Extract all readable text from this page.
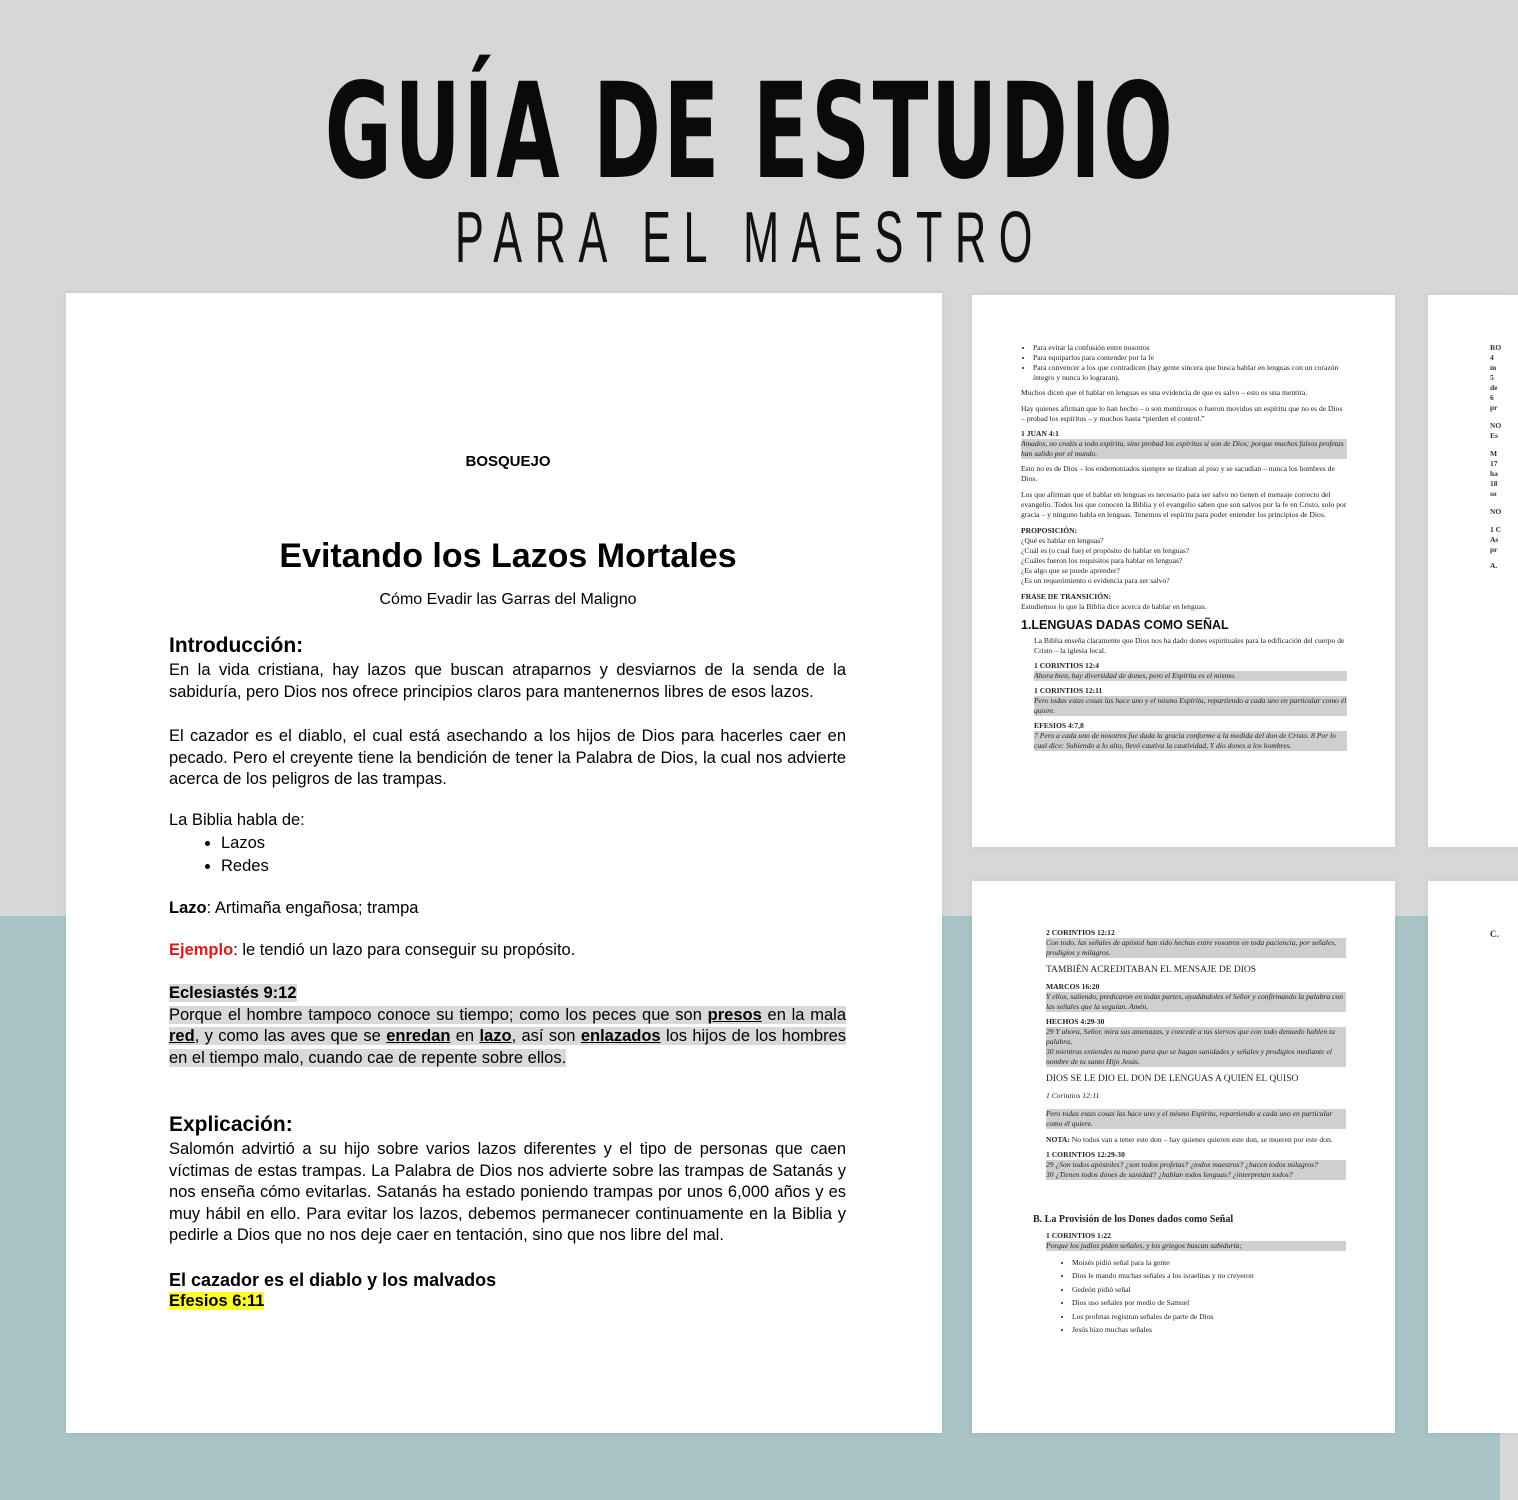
GUÍA DE ESTUDIO
PARA EL MAESTRO
BOSQUEJO
Evitando los Lazos Mortales
Cómo Evadir las Garras del Maligno
Introducción:
En la vida cristiana, hay lazos que buscan atraparnos y desviarnos de la senda de la sabiduría, pero Dios nos ofrece principios claros para mantenernos libres de esos lazos.
El cazador es el diablo, el cual está asechando a los hijos de Dios para hacerles caer en pecado. Pero el creyente tiene la bendición de tener la Palabra de Dios, la cual nos advierte acerca de los peligros de las trampas.
La Biblia habla de:
• Lazos
• Redes
Lazo: Artimaña engañosa; trampa
Ejemplo: le tendió un lazo para conseguir su propósito.

Eclesiastés 9:12

Porque el hombre tampoco conoce su tiempo; como los peces que son presos en la mala red, y como las aves que se enredan en lazo, así son enlazados los hijos de los hombres en el tiempo malo, cuando cae de repente sobre ellos.

Explicación:
Salomón advirtió a su hijo sobre varios lazos diferentes y el tipo de personas que caen víctimas de estas trampas. La Palabra de Dios nos advierte sobre las trampas de Satanás y nos enseña cómo evitarlas. Satanás ha estado poniendo trampas por unos 6,000 años y es muy hábil en ello. Para evitar los lazos, debemos permanecer continuamente en la Biblia y pedirle a Dios que no nos deje caer en tentación, sino que nos libre del mal.
El cazador es el diablo y los malvados
Efesios 6:11
• Para evitar la confusión entre nosotros
• Para equiparlos para contender por la fe
• Para convencer a los que contradicen (hay gente sincera que busca hablar en lenguas con un corazón íntegro y nunca lo lograran).

Muchos dicen que el hablar en lenguas es una evidencia de que es salvo – esto es una mentira.

Hay quienes afirman que lo han hecho – o son mentirosos o fueron movidos un espíritu que no es de Dios – probad los espíritus – y muchos hasta “pierden el control.”

1 JUAN 4:1

Amados, no creáis a todo espíritu, sino probad los espíritus si son de Dios; porque muchos falsos profetas han salido por el mundo.

Esto no es de Dios – los endemoniados siempre se tiraban al piso y se sacudían – nunca los hombres de Dios.

Los que afirman que el hablar en lenguas es necesario para ser salvo no tienen el mensaje correcto del evangelio. Todos los que conocen la Biblia y el evangelio saben que son salvos por la fe en Cristo, solo por gracia – y ninguno habla en lenguas. Tenemos el espíritu para poder entender los principios de Dios.

PROPOSICIÓN:

¿Qué es hablar en lenguas?

¿Cuál es (o cual fue) el propósito de hablar en lenguas?

¿Cuáles fueron los requisitos para hablar en lenguas?

¿Es algo que se puede aprender?

¿Es un requerimiento o evidencia para ser salvo?

FRASE DE TRANSICIÓN:

Estudiemos lo que la Biblia dice acerca de hablar en lenguas.

1.LENGUAS DADAS COMO SEÑAL

La Biblia enseña claramente que Dios nos ha dado dones espirituales para la edificación del cuerpo de Cristo – la iglesia local.

1 CORINTIOS 12:4

Ahora bien, hay diversidad de dones, pero el Espíritu es el mismo.

1 CORINTIOS 12:11

Pero todas estas cosas las hace uno y el mismo Espíritu, repartiendo a cada uno en particular como él quiere.

EFESIOS 4:7,8

7 Pero a cada uno de nosotros fue dada la gracia conforme a la medida del don de Cristo. 8 Por lo cual dice: Subiendo a lo alto, llevó cautiva la cautividad, Y dio dones a los hombres.

2 CORINTIOS 12:12

Con todo, las señales de apóstol han sido hechas entre vosotros en toda paciencia, por señales, prodigios y milagros.

TAMBIÉN ACREDITABAN EL MENSAJE DE DIOS

MARCOS 16:20

Y ellos, saliendo, predicaron en todas partes, ayudándoles el Señor y confirmando la palabra con las señales que la seguían. Amén.

HECHOS 4:29-30

29 Y ahora, Señor, mira sus amenazas, y concede a tus siervos que con todo denuedo hablen tu palabra,

30 mientras extiendes tu mano para que se hagan sanidades y señales y prodigios mediante el nombre de tu santo Hijo Jesús.

DIOS SE LE DIO EL DON DE LENGUAS A QUIEN EL QUISO

1 Corintios 12:11

Pero todas estas cosas las hace uno y el mismo Espíritu, repartiendo a cada uno en particular como él quiere.

NOTA: No todos van a tener este don – hay quienes quieren este don, se mueren por este don.

1 CORINTIOS 12:29-30

29 ¿Son todos apóstoles? ¿son todos profetas? ¿todos maestros? ¿hacen todos milagros?

30 ¿Tienen todos dones de sanidad? ¿hablan todos lenguas? ¿interpretan todos?

B. La Provisión de los Dones dados como Señal

1 CORINTIOS 1:22

Porque los judíos piden señales, y los griegos buscan sabiduría;

• Moisés pidió señal para la gente
• Dios le mando muchas señales a los israelitas y no creyeron
• Gedeón pidió señal
• Dios uso señales por medio de Samuel
• Los profetas registran señales de parte de Dios
• Jesús hizo muchas señales
RO
4
m
5
de
6
pr
NO
Es
M
17
ha
18
so
NO
1 C
As
pr
A.
C.
